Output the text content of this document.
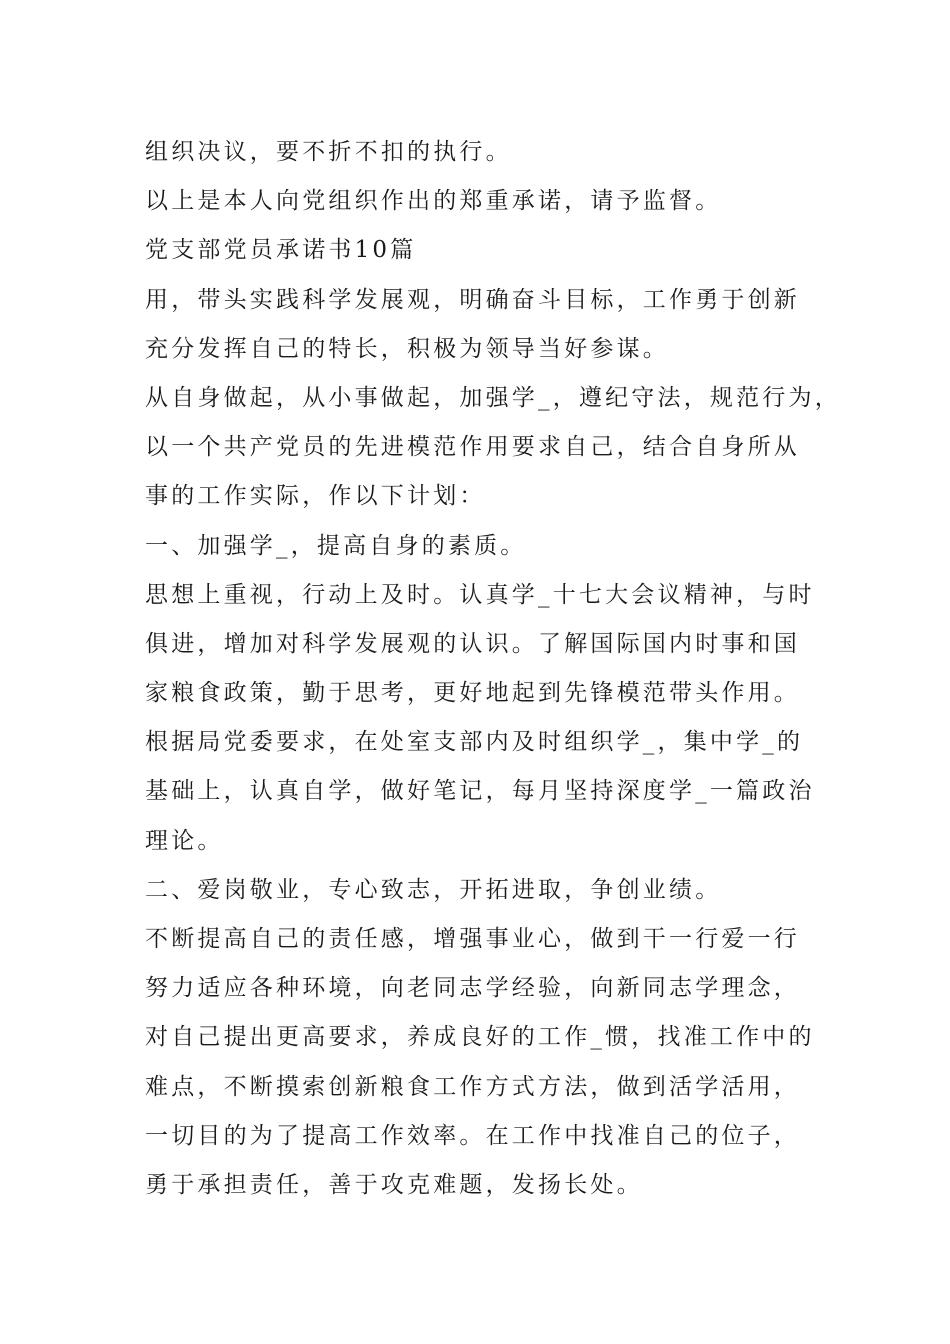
组织决议，要不折不扣的执行。

以上是本人向党组织作出的郑重承诺，请予监督。

党支部党员承诺书10篇

用，带头实践科学发展观，明确奋斗目标，工作勇于创新

充分发挥自己的特长，积极为领导当好参谋。

从自身做起，从小事做起，加强学_，遵纪守法，规范行为，

以一个共产党员的先进模范作用要求自己，结合自身所从

事的工作实际，作以下计划：

一、加强学_，提高自身的素质。

思想上重视，行动上及时。认真学_十七大会议精神，与时

俱进，增加对科学发展观的认识。了解国际国内时事和国

家粮食政策，勤于思考，更好地起到先锋模范带头作用。

根据局党委要求，在处室支部内及时组织学_，集中学_的

基础上，认真自学，做好笔记，每月坚持深度学_一篇政治

理论。

二、爱岗敬业，专心致志，开拓进取，争创业绩。

不断提高自己的责任感，增强事业心，做到干一行爱一行

努力适应各种环境，向老同志学经验，向新同志学理念，

对自己提出更高要求，养成良好的工作_惯，找准工作中的

难点，不断摸索创新粮食工作方式方法，做到活学活用，

一切目的为了提高工作效率。在工作中找准自己的位子，

勇于承担责任，善于攻克难题，发扬长处。
